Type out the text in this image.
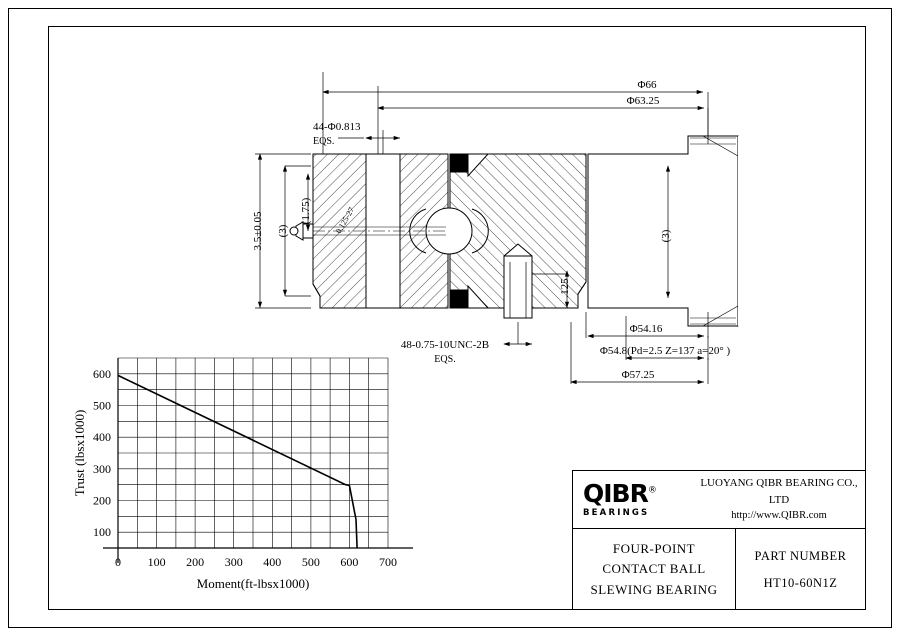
Φ66
Φ63.25
44-Φ0.813
EQS.
3.5±0.05 (3)
(1.75)
(3)
.125
0.125-27
48-0.75-10UNC-2B
EQS.
Φ54.16
Φ54.8(Pd=2.5 Z=137 a=20° )
Φ57.25
600
500
400
300
200
100
0 100 200 300 400 500 600 700
Moment(ft-lbsx1000)
Trust (lbsx1000)	QIBR®
BEARINGS
LUOYANG QIBR BEARING CO., LTD
http://www.QIBR.com
FOUR-POINT
CONTACT BALL
SLEWING BEARING
PART NUMBER
HT10-60N1Z
